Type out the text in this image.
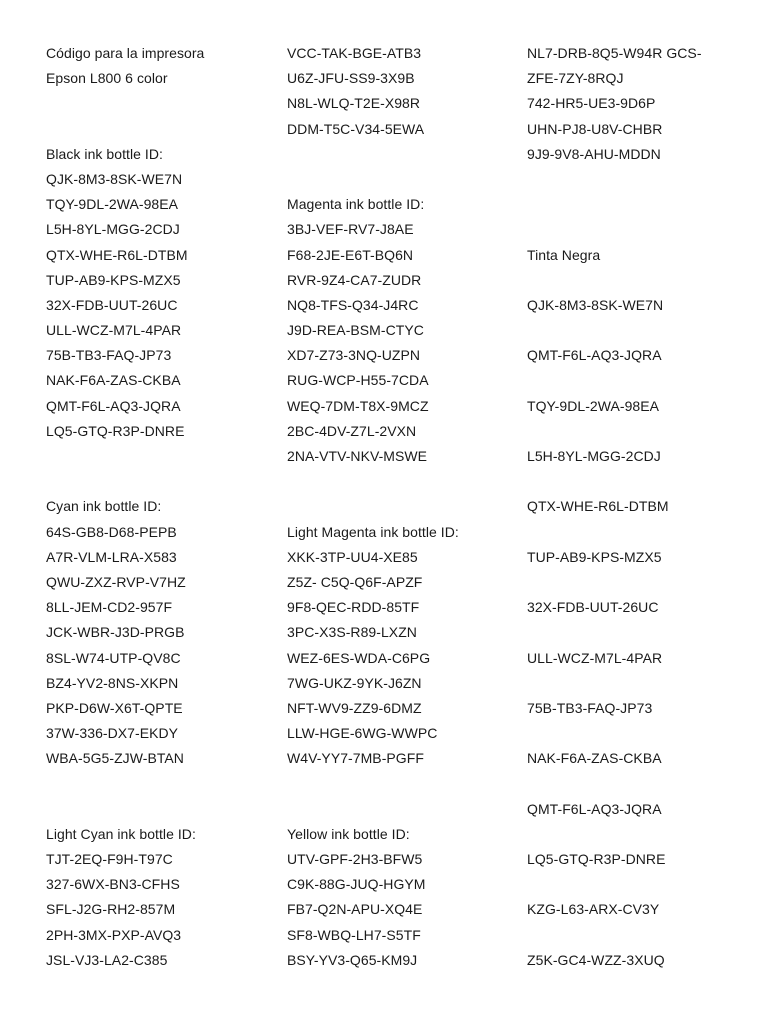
Código para la impresora
Epson L800 6 color
Black ink bottle ID:
QJK-8M3-8SK-WE7N
TQY-9DL-2WA-98EA
L5H-8YL-MGG-2CDJ
QTX-WHE-R6L-DTBM
TUP-AB9-KPS-MZX5
32X-FDB-UUT-26UC
ULL-WCZ-M7L-4PAR
75B-TB3-FAQ-JP73
NAK-F6A-ZAS-CKBA
QMT-F6L-AQ3-JQRA
LQ5-GTQ-R3P-DNRE
Cyan ink bottle ID:
64S-GB8-D68-PEPB
A7R-VLM-LRA-X583
QWU-ZXZ-RVP-V7HZ
8LL-JEM-CD2-957F
JCK-WBR-J3D-PRGB
8SL-W74-UTP-QV8C
BZ4-YV2-8NS-XKPN
PKP-D6W-X6T-QPTE
37W-336-DX7-EKDY
WBA-5G5-ZJW-BTAN
Light Cyan ink bottle ID:
TJT-2EQ-F9H-T97C
327-6WX-BN3-CFHS
SFL-J2G-RH2-857M
2PH-3MX-PXP-AVQ3
JSL-VJ3-LA2-C385
VCC-TAK-BGE-ATB3
U6Z-JFU-SS9-3X9B
N8L-WLQ-T2E-X98R
DDM-T5C-V34-5EWA
Magenta ink bottle ID:
3BJ-VEF-RV7-J8AE
F68-2JE-E6T-BQ6N
RVR-9Z4-CA7-ZUDR
NQ8-TFS-Q34-J4RC
J9D-REA-BSM-CTYC
XD7-Z73-3NQ-UZPN
RUG-WCP-H55-7CDA
WEQ-7DM-T8X-9MCZ
2BC-4DV-Z7L-2VXN
2NA-VTV-NKV-MSWE
Light Magenta ink bottle ID:
XKK-3TP-UU4-XE85
Z5Z- C5Q-Q6F-APZF
9F8-QEC-RDD-85TF
3PC-X3S-R89-LXZN
WEZ-6ES-WDA-C6PG
7WG-UKZ-9YK-J6ZN
NFT-WV9-ZZ9-6DMZ
LLW-HGE-6WG-WWPC
W4V-YY7-7MB-PGFF
Yellow ink bottle ID:
UTV-GPF-2H3-BFW5
C9K-88G-JUQ-HGYM
FB7-Q2N-APU-XQ4E
SF8-WBQ-LH7-S5TF
BSY-YV3-Q65-KM9J
NL7-DRB-8Q5-W94R GCS-
ZFE-7ZY-8RQJ
742-HR5-UE3-9D6P
UHN-PJ8-U8V-CHBR
9J9-9V8-AHU-MDDN
Tinta Negra
QJK-8M3-8SK-WE7N
QMT-F6L-AQ3-JQRA
TQY-9DL-2WA-98EA
L5H-8YL-MGG-2CDJ
QTX-WHE-R6L-DTBM
TUP-AB9-KPS-MZX5
32X-FDB-UUT-26UC
ULL-WCZ-M7L-4PAR
75B-TB3-FAQ-JP73
NAK-F6A-ZAS-CKBA
QMT-F6L-AQ3-JQRA
LQ5-GTQ-R3P-DNRE
KZG-L63-ARX-CV3Y
Z5K-GC4-WZZ-3XUQ
